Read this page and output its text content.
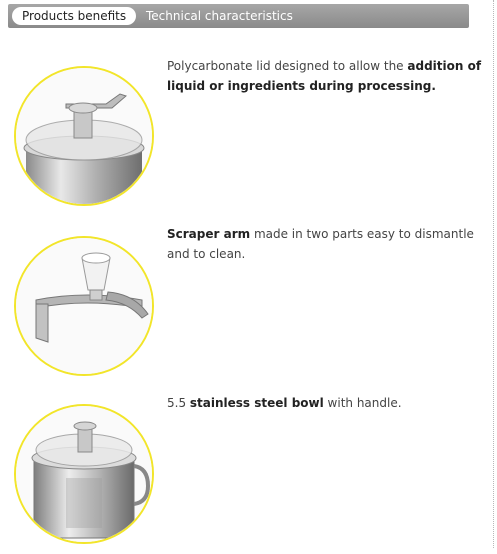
Products benefits	Technical characteristics
Polycarbonate lid designed to allow the addition of liquid or ingredients during processing.
Scraper arm made in two parts easy to dismantle and to clean.
5.5 stainless steel bowl with handle.
